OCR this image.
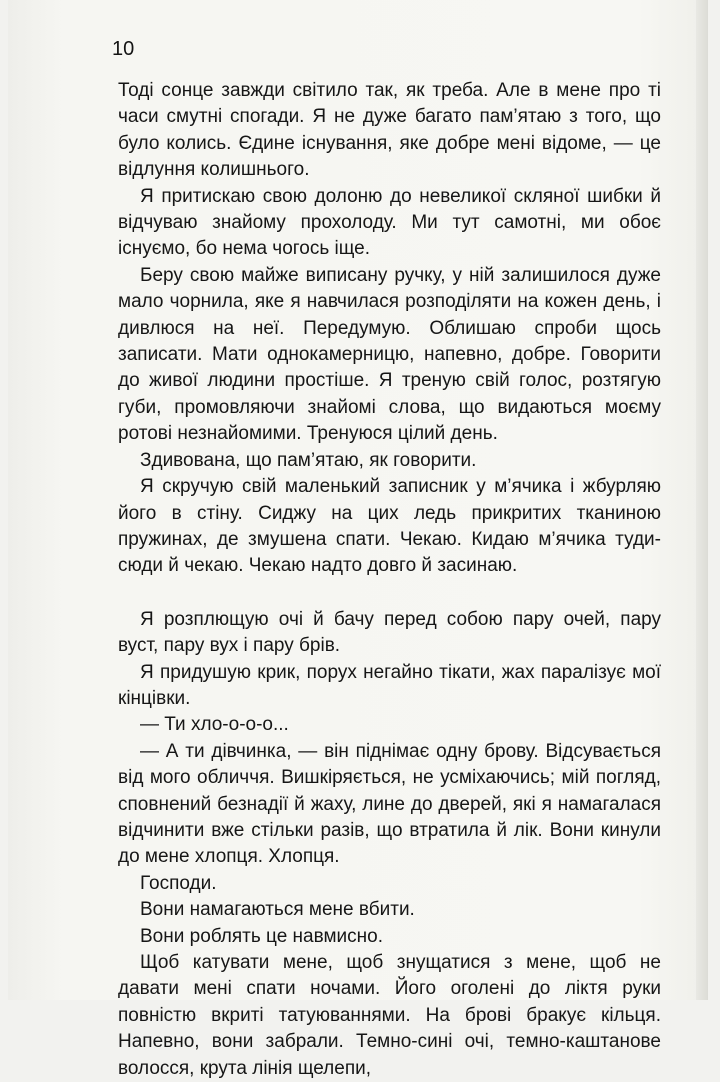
10

Тоді сонце завжди світило так, як треба. Але в мене про ті часи смутні спогади. Я не дуже багато пам’ятаю з того, що було колись. Єдине існування, яке добре мені відоме, — це відлуння колишнього.

Я притискаю свою долоню до невеликої скляної шибки й відчуваю знайому прохолоду. Ми тут самотні, ми обоє існуємо, бо нема чогось іще.

Беру свою майже виписану ручку, у ній залишилося дуже мало чорнила, яке я навчилася розподіляти на кожен день, і дивлюся на неї. Передумую. Облишаю спроби щось записати. Мати однокамерницю, напевно, добре. Говорити до живої людини простіше. Я треную свій голос, розтягую губи, промовляючи знайомі слова, що видаються моєму ротові незнайомими. Тренуюся цілий день.

Здивована, що пам’ятаю, як говорити.

Я скручую свій маленький записник у м’ячика і жбурляю його в стіну. Сиджу на цих ледь прикритих тканиною пружинах, де змушена спати. Чекаю. Кидаю м’ячика туди-сюди й чекаю. Чекаю надто довго й засинаю.

Я розплющую очі й бачу перед собою пару очей, пару вуст, пару вух і пару брів.

Я придушую крик, порух негайно тікати, жах паралізує мої кінцівки.

— Ти хло-о-о-о...

— А ти дівчинка, — він піднімає одну брову. Відсувається від мого обличчя. Вишкіряється, не усміхаючись; мій погляд, сповнений безнадії й жаху, лине до дверей, які я намагалася відчинити вже стільки разів, що втратила й лік. Вони кинули до мене хлопця. Хлопця.

Господи.

Вони намагаються мене вбити.

Вони роблять це навмисно.

Щоб катувати мене, щоб знущатися з мене, щоб не давати мені спати ночами. Його оголені до ліктя руки повністю вкриті татуюваннями. На брові бракує кільця. Напевно, вони забрали. Темно-сині очі, темно-каштанове волосся, крута лінія щелепи,
